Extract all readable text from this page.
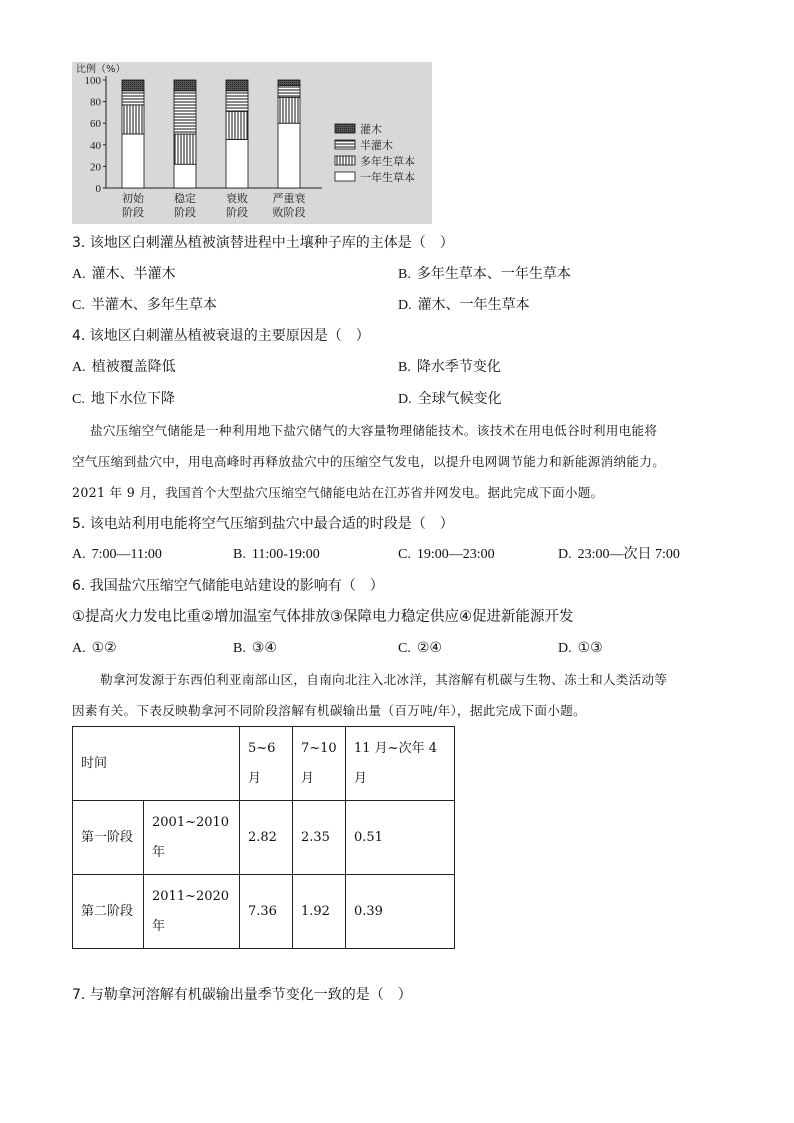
比例（%）
0
20
40
60
80
100
初始
阶段
稳定
阶段
衰败
阶段
严重衰
败阶段
灌木
半灌木
多年生草本
一年生草本
3. 该地区白刺灌丛植被演替进程中土壤种子库的主体是（　）
A. 灌木、半灌木	B. 多年生草本、一年生草本
C. 半灌木、多年生草本	D. 灌木、一年生草本
4. 该地区白刺灌丛植被衰退的主要原因是（　）
A. 植被覆盖降低	B. 降水季节变化
C. 地下水位下降	D. 全球气候变化
盐穴压缩空气储能是一种利用地下盐穴储气的大容量物理储能技术。该技术在用电低谷时利用电能将
空气压缩到盐穴中，用电高峰时再释放盐穴中的压缩空气发电，以提升电网调节能力和新能源消纳能力。
2021 年 9 月，我国首个大型盐穴压缩空气储能电站在江苏省并网发电。据此完成下面小题。
5. 该电站利用电能将空气压缩到盐穴中最合适的时段是（　）
A. 7:00—11:00	B. 11:00-19:00	C. 19:00—23:00	D. 23:00—次日 7:00
6. 我国盐穴压缩空气储能电站建设的影响有（　）
①提高火力发电比重②增加温室气体排放③保障电力稳定供应④促进新能源开发
A. ①②	B. ③④	C. ②④	D. ①③
勒拿河发源于东西伯利亚南部山区，自南向北注入北冰洋，其溶解有机碳与生物、冻土和人类活动等
因素有关。下表反映勒拿河不同阶段溶解有机碳输出量（百万吨/年），据此完成下面小题。
时间		5~6 月	7~10 月	11 月~次年 4 月
第一阶段	2001~2010 年	2.82	2.35	0.51
第二阶段	2011~2020 年	7.36	1.92	0.39
7. 与勒拿河溶解有机碳输出量季节变化一致的是（　）
